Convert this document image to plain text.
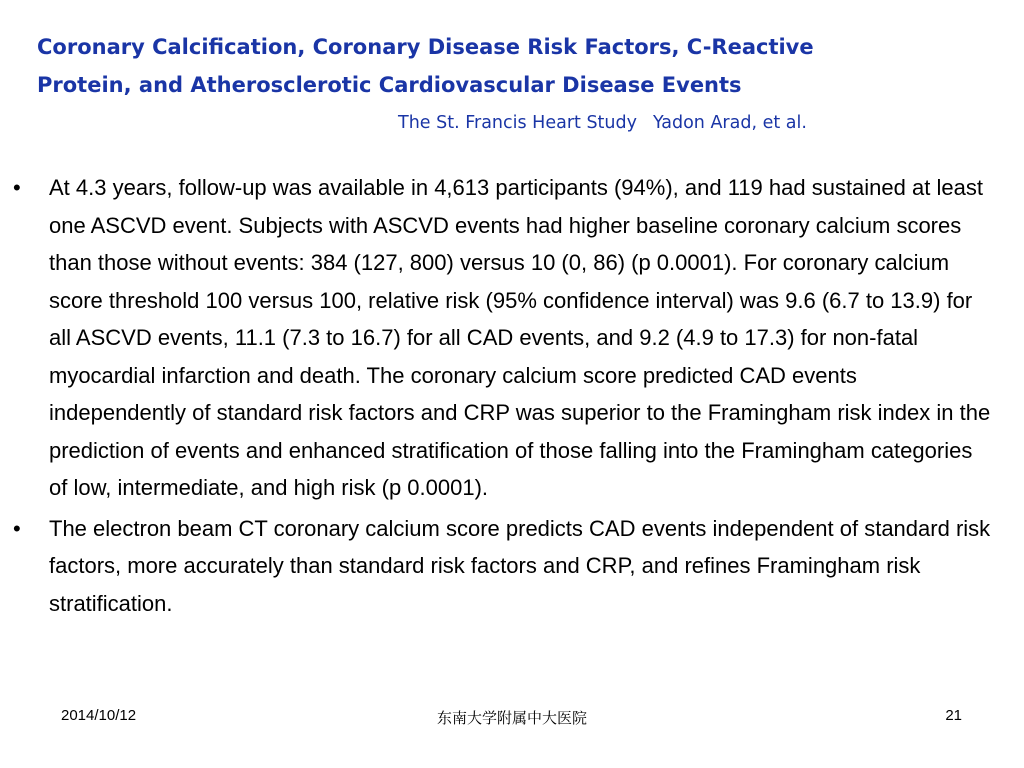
Coronary Calcification, Coronary Disease Risk Factors, C-Reactive
Protein, and Atherosclerotic Cardiovascular Disease Events

The St. Francis Heart Study Yadon Arad, et al.

• At 4.3 years, follow-up was available in 4,613 participants (94%), and 119 had sustained at least one ASCVD event. Subjects with ASCVD events had higher baseline coronary calcium scores than those without events: 384 (127, 800) versus 10 (0, 86) (p 0.0001). For coronary calcium score threshold 100 versus 100, relative risk (95% confidence interval) was 9.6 (6.7 to 13.9) for all ASCVD events, 11.1 (7.3 to 16.7) for all CAD events, and 9.2 (4.9 to 17.3) for non-fatal myocardial infarction and death. The coronary calcium score predicted CAD events independently of standard risk factors and CRP was superior to the Framingham risk index in the prediction of events and enhanced stratification of those falling into the Framingham categories of low, intermediate, and high risk (p 0.0001).
• The electron beam CT coronary calcium score predicts CAD events independent of standard risk factors, more accurately than standard risk factors and CRP, and refines Framingham risk stratification.
2014/10/12	东南大学附属中大医院	21
